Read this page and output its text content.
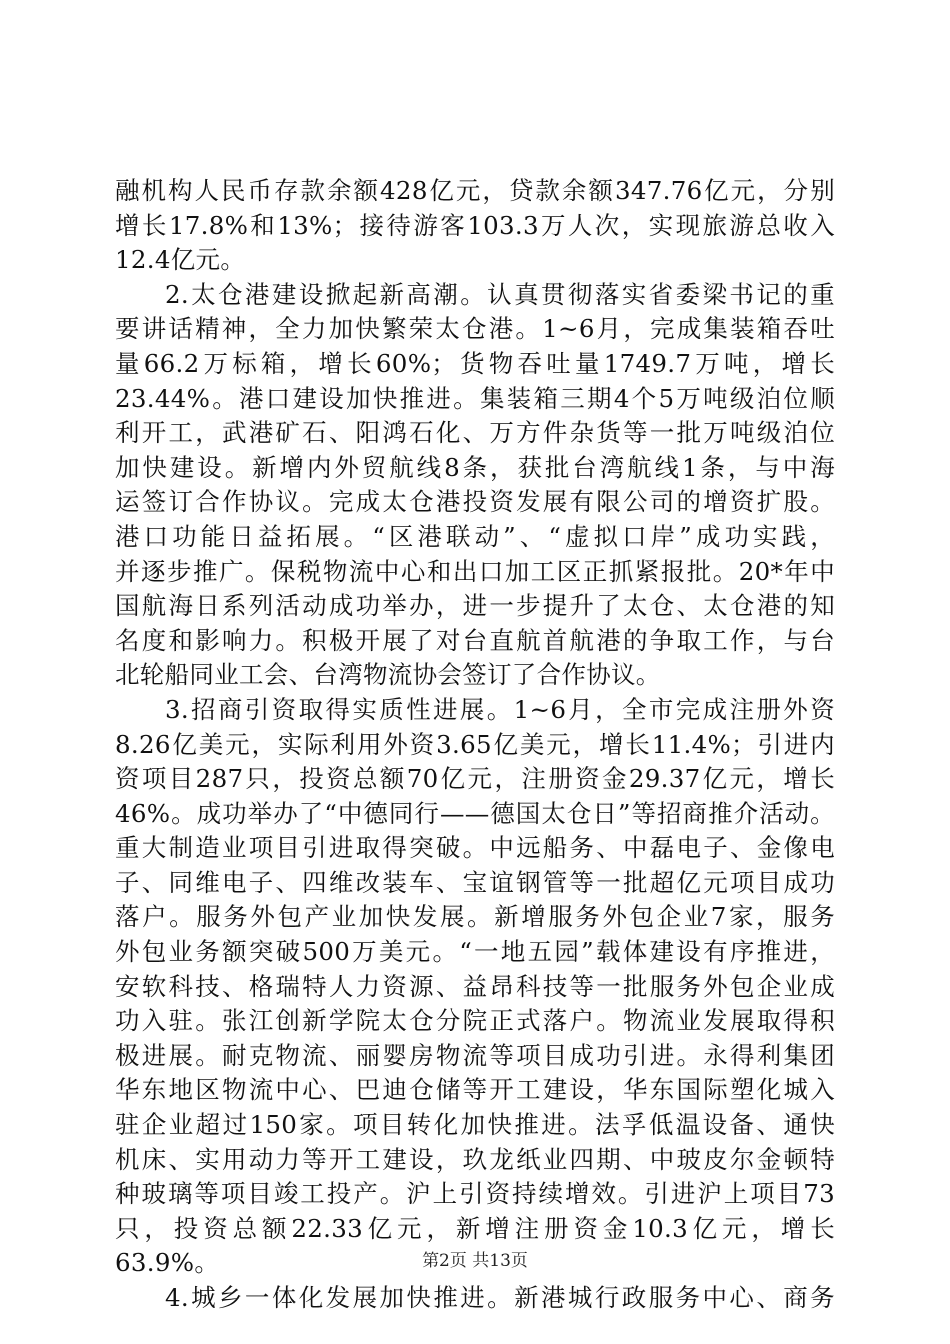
融机构人民币存款余额428亿元，贷款余额347.76亿元，分别
增长17.8%和13%；接待游客103.3万人次，实现旅游总收入
12.4亿元。
2.太仓港建设掀起新高潮。认真贯彻落实省委梁书记的重
要讲话精神，全力加快繁荣太仓港。1~6月，完成集装箱吞吐
量66.2万标箱，增长60%；货物吞吐量1749.7万吨，增长
23.44%。港口建设加快推进。集装箱三期4个5万吨级泊位顺
利开工，武港矿石、阳鸿石化、万方件杂货等一批万吨级泊位
加快建设。新增内外贸航线8条，获批台湾航线1条，与中海
运签订合作协议。完成太仓港投资发展有限公司的增资扩股。
港口功能日益拓展。“区港联动”、“虚拟口岸”成功实践，
并逐步推广。保税物流中心和出口加工区正抓紧报批。20*年中
国航海日系列活动成功举办，进一步提升了太仓、太仓港的知
名度和影响力。积极开展了对台直航首航港的争取工作，与台
北轮船同业工会、台湾物流协会签订了合作协议。
3.招商引资取得实质性进展。1~6月，全市完成注册外资
8.26亿美元，实际利用外资3.65亿美元，增长11.4%；引进内
资项目287只，投资总额70亿元，注册资金29.37亿元，增长
46%。成功举办了“中德同行——德国太仓日”等招商推介活动。
重大制造业项目引进取得突破。中远船务、中磊电子、金像电
子、同维电子、四维改装车、宝谊钢管等一批超亿元项目成功
落户。服务外包产业加快发展。新增服务外包企业7家，服务
外包业务额突破500万美元。“一地五园”载体建设有序推进，
安软科技、格瑞特人力资源、益昂科技等一批服务外包企业成
功入驻。张江创新学院太仓分院正式落户。物流业发展取得积
极进展。耐克物流、丽婴房物流等项目成功引进。永得利集团
华东地区物流中心、巴迪仓储等开工建设，华东国际塑化城入
驻企业超过150家。项目转化加快推进。法孚低温设备、通快
机床、实用动力等开工建设，玖龙纸业四期、中玻皮尔金顿特
种玻璃等项目竣工投产。沪上引资持续增效。引进沪上项目73
只，投资总额22.33亿元，新增注册资金10.3亿元，增长
63.9%。
4.城乡一体化发展加快推进。新港城行政服务中心、商务
第2页 共13页
